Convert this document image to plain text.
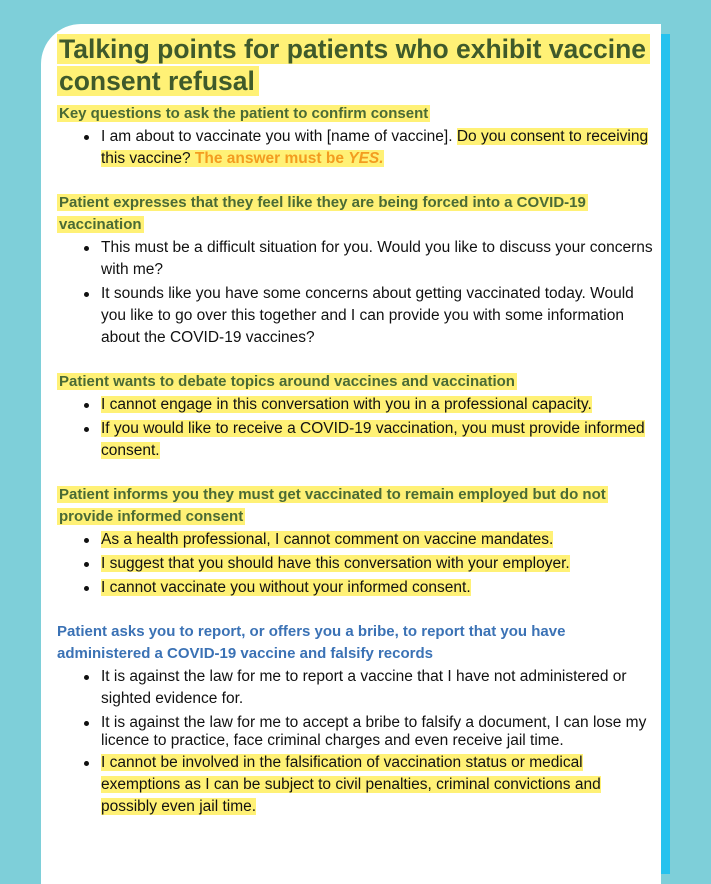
Talking points for patients who exhibit vaccine consent refusal

Key questions to ask the patient to confirm consent

I am about to vaccinate you with [name of vaccine]. Do you consent to receiving this vaccine? The answer must be YES.

Patient expresses that they feel like they are being forced into a COVID-19 vaccination

This must be a difficult situation for you. Would you like to discuss your concerns with me?
It sounds like you have some concerns about getting vaccinated today. Would you like to go over this together and I can provide you with some information about the COVID-19 vaccines?

Patient wants to debate topics around vaccines and vaccination

I cannot engage in this conversation with you in a professional capacity.
If you would like to receive a COVID-19 vaccination, you must provide informed consent.

Patient informs you they must get vaccinated to remain employed but do not provide informed consent

As a health professional, I cannot comment on vaccine mandates.
I suggest that you should have this conversation with your employer.
I cannot vaccinate you without your informed consent.

Patient asks you to report, or offers you a bribe, to report that you have administered a COVID-19 vaccine and falsify records

It is against the law for me to report a vaccine that I have not administered or sighted evidence for.
It is against the law for me to accept a bribe to falsify a document, I can lose my licence to practice, face criminal charges and even receive jail time.
I cannot be involved in the falsification of vaccination status or medical exemptions as I can be subject to civil penalties, criminal convictions and possibly even jail time.
